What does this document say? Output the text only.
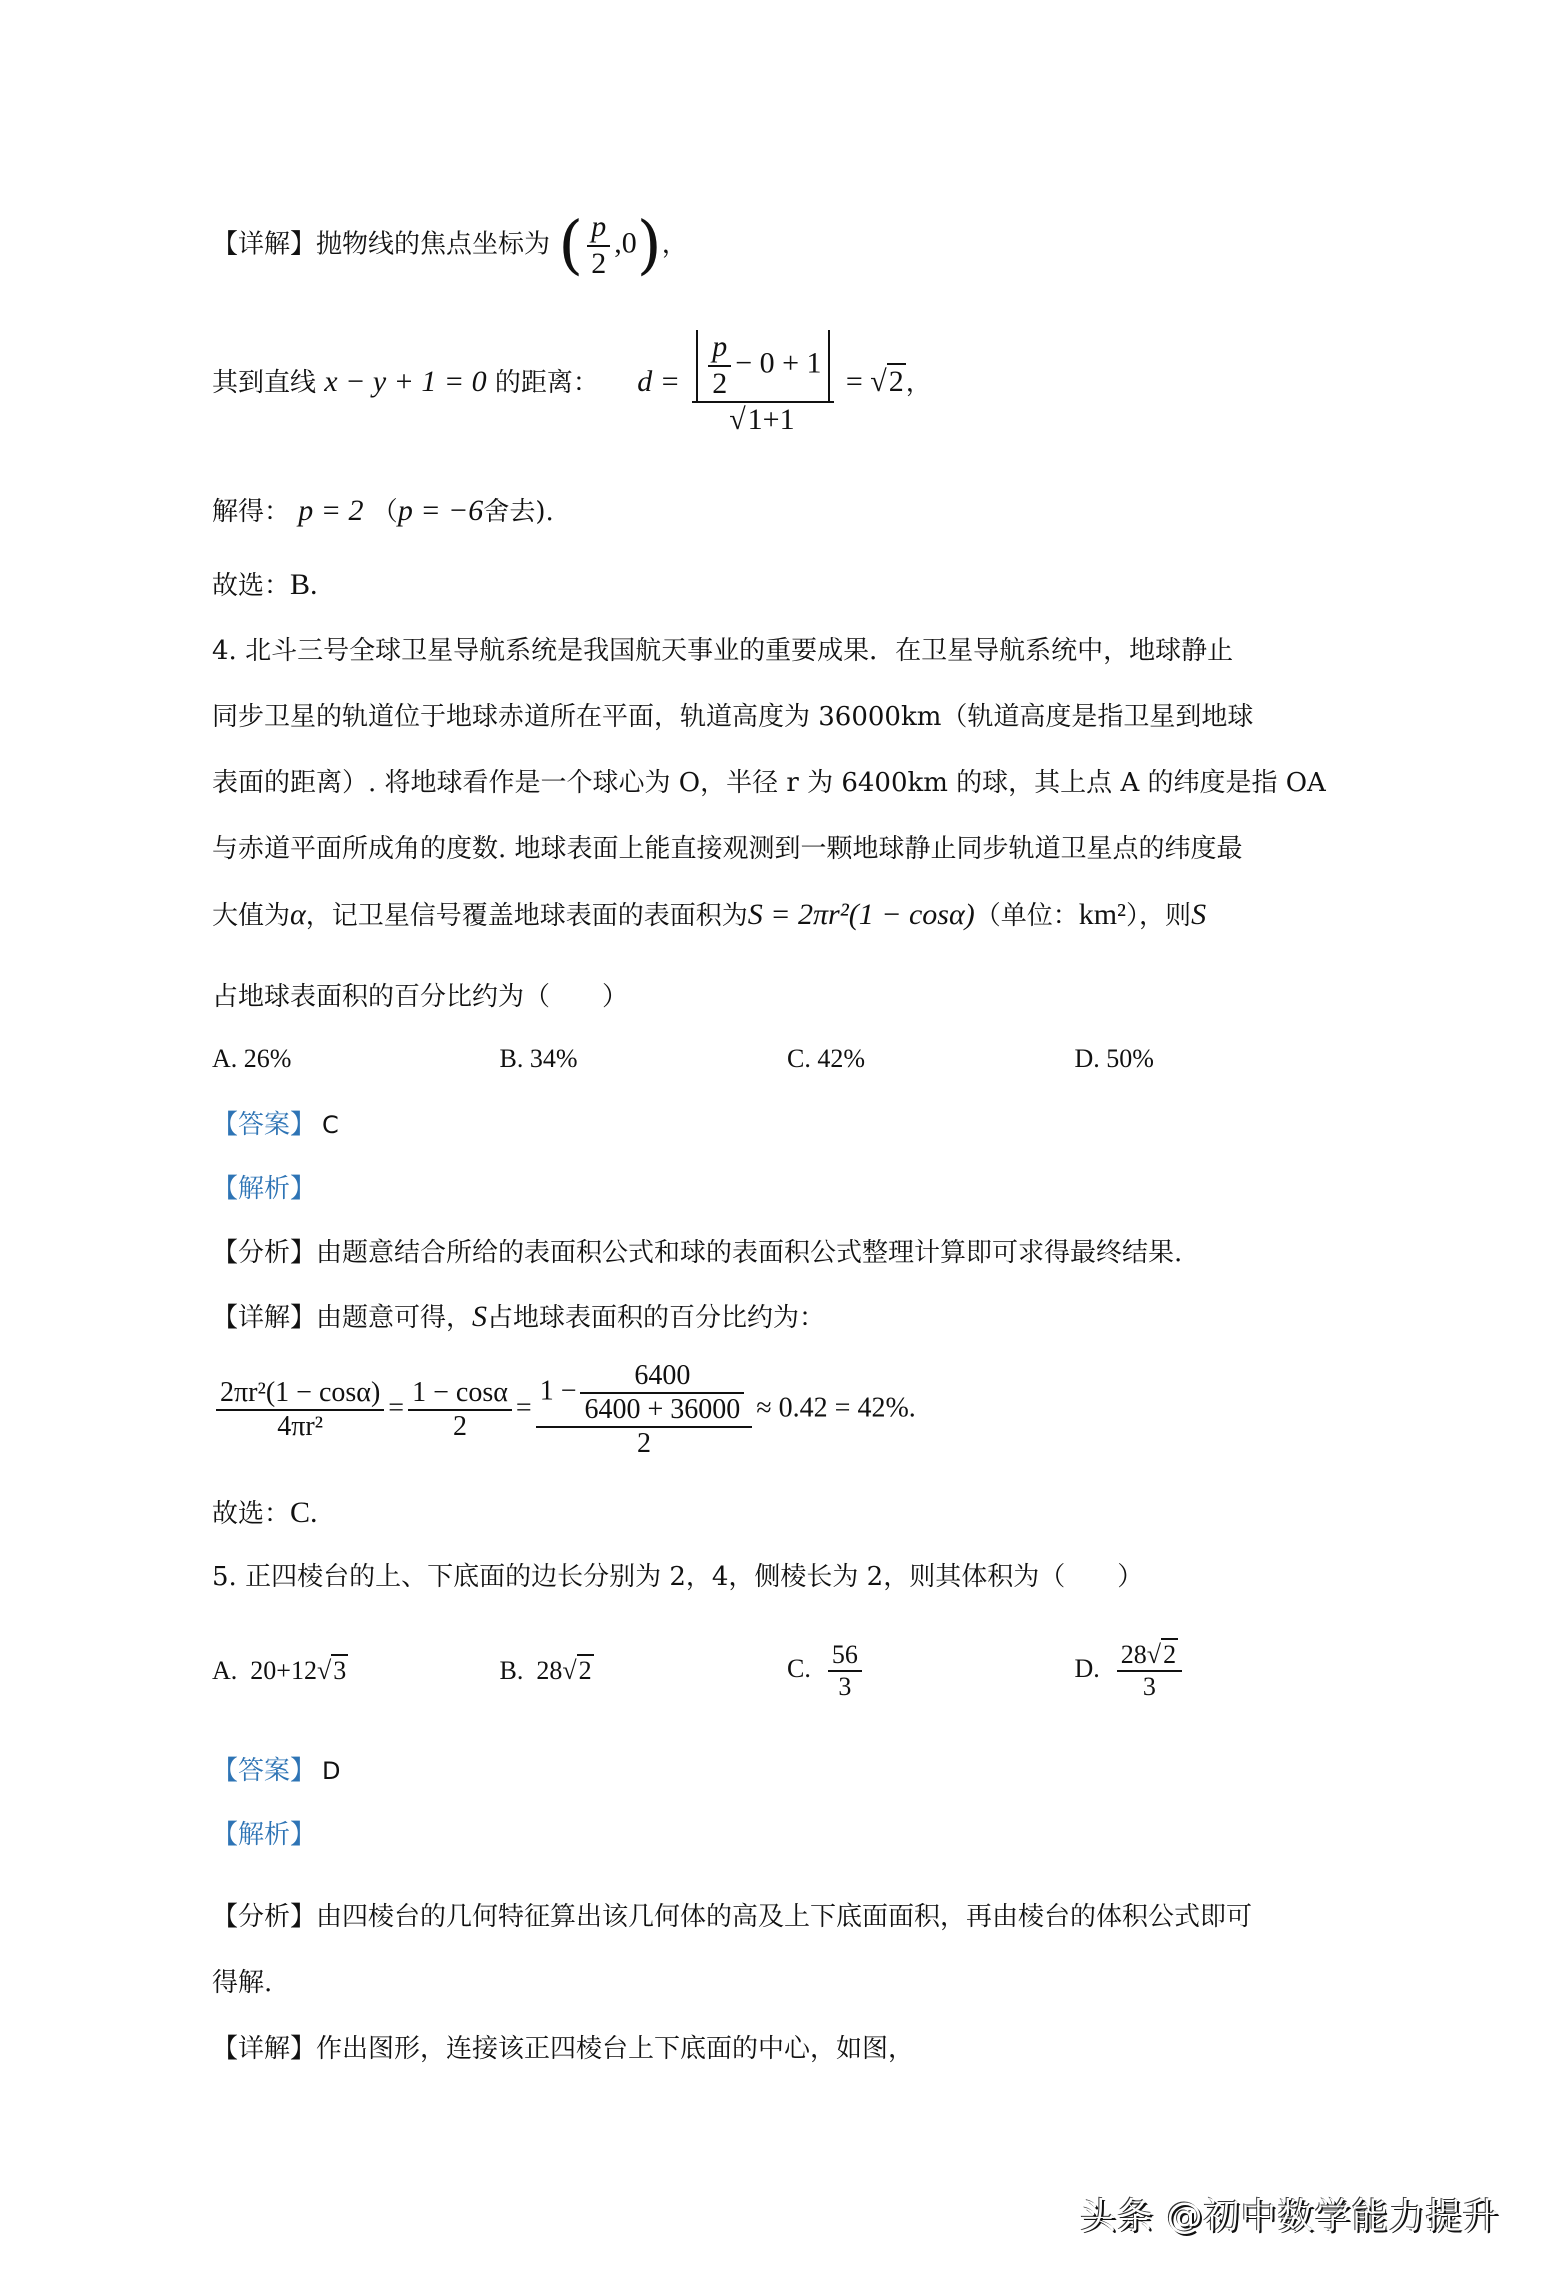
【详解】抛物线的焦点坐标为 ( $\frac{p}{2} ,0$)，
其到直线 x − y + 1 = 0 的距离： $d = \frac{\frac{p}{2} - 0 + 1}{√1+1} = √2$，
解得： p = 2 （p = −6舍去).
故选：B.
4. 北斗三号全球卫星导航系统是我国航天事业的重要成果．在卫星导航系统中，地球静止
同步卫星的轨道位于地球赤道所在平面，轨道高度为 36000km（轨道高度是指卫星到地球
表面的距离）. 将地球看作是一个球心为 O，半径 r 为 6400km 的球，其上点 A 的纬度是指 OA
与赤道平面所成角的度数. 地球表面上能直接观测到一颗地球静止同步轨道卫星点的纬度最
大值为α，记卫星信号覆盖地球表面的表面积为S = 2πr²(1 − cosα)（单位：km²），则S
占地球表面积的百分比约为（　　）
A. 26%	B. 34%	C. 42%	D. 50%
【答案】 C
【解析】
【分析】由题意结合所给的表面积公式和球的表面积公式整理计算即可求得最终结果.
【详解】由题意可得，S占地球表面积的百分比约为：
$\frac{\text{2πr²(1 − cosα)}}{\text{4πr²}} = \frac{1 - \cos\alpha}{2} = \frac{1 - \frac{6400}{6400 + 36000}}{2} \approx 0.42 = 42\%$.
故选：C.
5. 正四棱台的上、下底面的边长分别为 2，4，侧棱长为 2，则其体积为（　　）
A. 20+12√3	B. 28√2	C. $\frac{56}{3}$	D. $\frac{28√2}{3}$
【答案】 D
【解析】
【分析】由四棱台的几何特征算出该几何体的高及上下底面面积，再由棱台的体积公式即可
得解.
【详解】作出图形，连接该正四棱台上下底面的中心，如图，
头条 @初中数学能力提升
